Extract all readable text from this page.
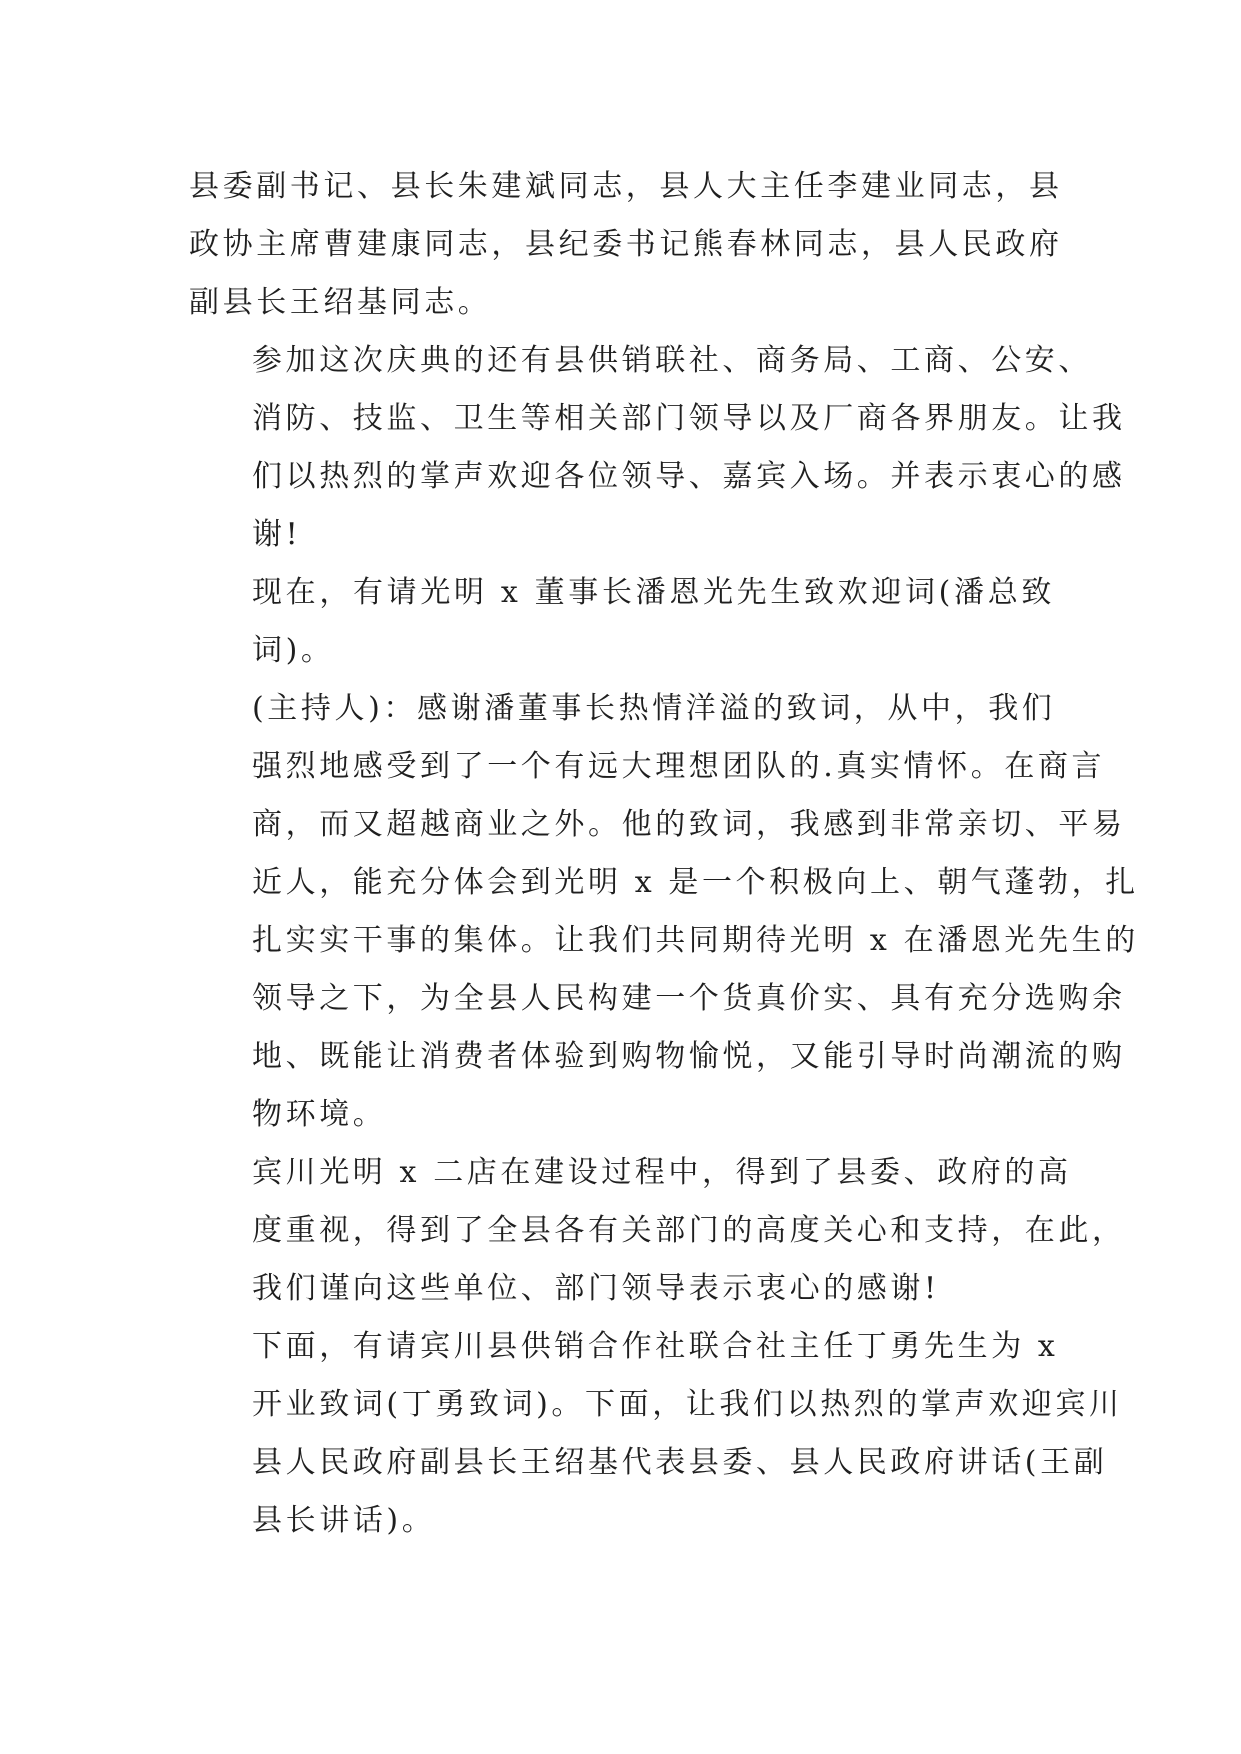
县委副书记、县长朱建斌同志，县人大主任李建业同志，县
政协主席曹建康同志，县纪委书记熊春林同志，县人民政府
副县长王绍基同志。

参加这次庆典的还有县供销联社、商务局、工商、公安、
消防、技监、卫生等相关部门领导以及厂商各界朋友。让我
们以热烈的掌声欢迎各位领导、嘉宾入场。并表示衷心的感
谢!

现在，有请光明 x 董事长潘恩光先生致欢迎词(潘总致
词)。

(主持人)：感谢潘董事长热情洋溢的致词，从中，我们
强烈地感受到了一个有远大理想团队的.真实情怀。在商言
商，而又超越商业之外。他的致词，我感到非常亲切、平易
近人，能充分体会到光明 x 是一个积极向上、朝气蓬勃，扎
扎实实干事的集体。让我们共同期待光明 x 在潘恩光先生的
领导之下，为全县人民构建一个货真价实、具有充分选购余
地、既能让消费者体验到购物愉悦，又能引导时尚潮流的购
物环境。

宾川光明 x 二店在建设过程中，得到了县委、政府的高
度重视，得到了全县各有关部门的高度关心和支持，在此，
我们谨向这些单位、部门领导表示衷心的感谢!

下面，有请宾川县供销合作社联合社主任丁勇先生为 x
开业致词(丁勇致词)。下面，让我们以热烈的掌声欢迎宾川
县人民政府副县长王绍基代表县委、县人民政府讲话(王副
县长讲话)。
